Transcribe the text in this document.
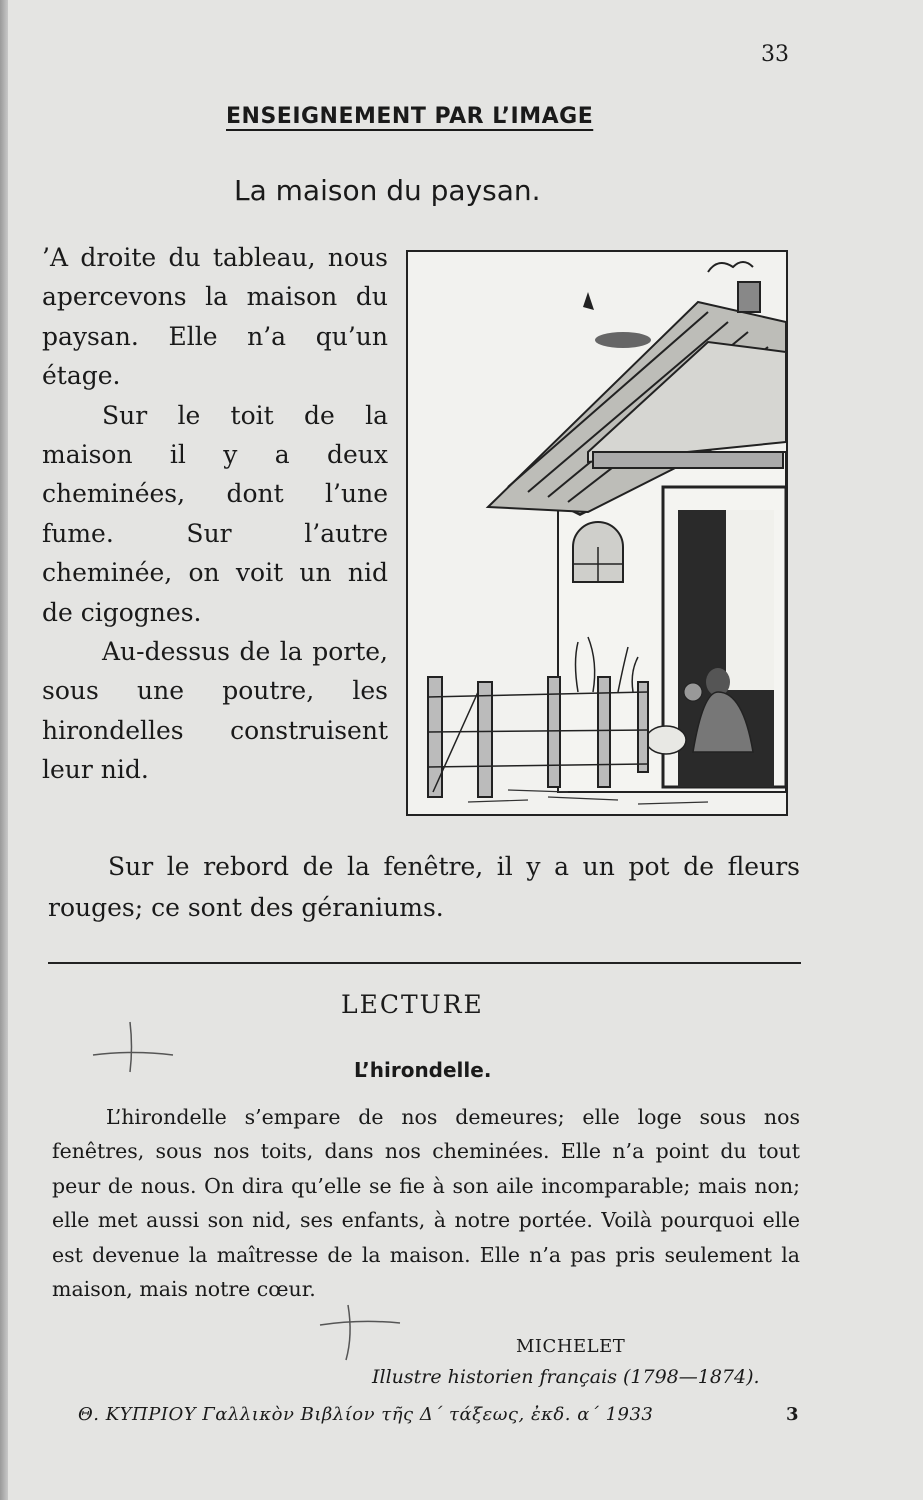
33
ENSEIGNEMENT PAR L’IMAGE
La maison du paysan.

’A droite du tableau, nous apercevons la maison du paysan. Elle n’a qu’un étage.

Sur le toit de la maison il y a deux cheminées, dont l’une fume. Sur l’autre cheminée, on voit un nid de cigognes.

Au-dessus de la porte, sous une poutre, les hirondelles construisent leur nid.

Sur le rebord de la fenêtre, il y a un pot de fleurs rouges; ce sont des géraniums.

LECTURE
L’hirondelle.

L’hirondelle s’empare de nos demeures; elle loge sous nos fenêtres, sous nos toits, dans nos cheminées. Elle n’a point du tout peur de nous. On dira qu’elle se fie à son aile incomparable; mais non; elle met aussi son nid, ses enfants, à notre portée. Voilà pourquoi elle est devenue la maîtresse de la maison. Elle n’a pas pris seulement la maison, mais notre cœur.

MICHELET
Illustre historien français (1798—1874).
Θ. ΚΥΠΡΙΟΥ Γαλλικὸν Βιβλίον τῆς Δ΄ τάξεως, ἐκδ. α΄ 1933	3
